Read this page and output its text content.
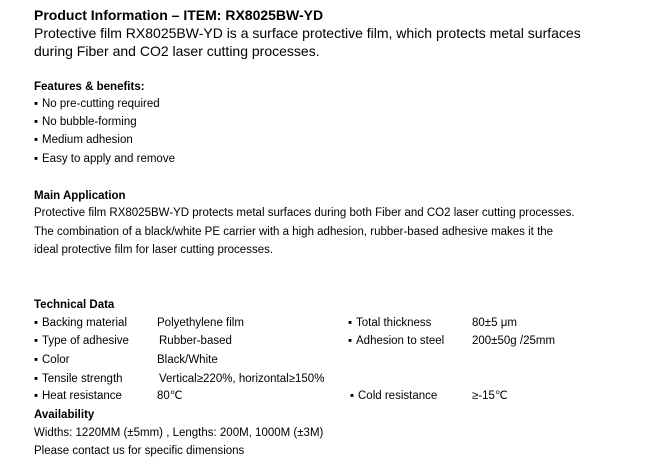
Product Information – ITEM: RX8025BW-YD
Protective film RX8025BW-YD is a surface protective film, which protects metal surfaces
during Fiber and CO2 laser cutting processes.
Features & benefits:
▪ No pre-cutting required
▪ No bubble-forming
▪ Medium adhesion
▪ Easy to apply and remove
Main Application
Protective film RX8025BW-YD protects metal surfaces during both Fiber and CO2 laser cutting processes.
The combination of a black/white PE carrier with a high adhesion, rubber-based adhesive makes it the
ideal protective film for laser cutting processes.
Technical Data
▪ Backing material	Polyethylene film	▪ Total thickness	80±5 μm
▪ Type of adhesive	Rubber-based	▪ Adhesion to steel 200±50g /25mm
▪ Color	Black/White
▪ Tensile strength	Vertical≥220%, horizontal≥150%
▪ Heat resistance	80℃	▪ Cold resistance	≥-15℃
Availability
Widths: 1220MM (±5mm) , Lengths: 200M, 1000M (±3M)
Please contact us for specific dimensions
